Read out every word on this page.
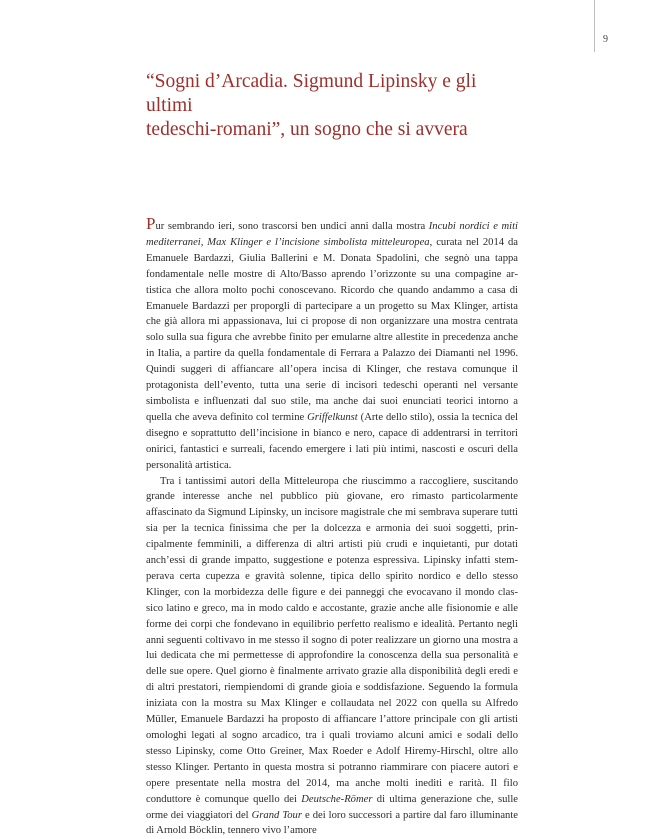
9
“Sogni d’Arcadia. Sigmund Lipinsky e gli ultimi
tedeschi-romani”, un sogno che si avvera

Pur sembrando ieri, sono trascorsi ben undici anni dalla mostra Incubi nordici e miti mediterranei, Max Klinger e l’incisione simbolista mitteleuropea, curata nel 2014 da Emanuele Bardazzi, Giulia Ballerini e M. Donata Spadolini, che segnò una tappa fondamentale nelle mostre di Alto/Basso aprendo l’orizzonte su una compagine artistica che allora molto pochi conoscevano. Ricordo che quando andammo a casa di Emanuele Bardazzi per proporgli di partecipare a un progetto su Max Klinger, artista che già allora mi appassionava, lui ci propose di non organizzare una mostra centrata solo sulla sua figura che avrebbe finito per emularne altre allestite in precedenza anche in Italia, a partire da quella fondamentale di Ferrara a Palazzo dei Diamanti nel 1996. Quindi suggerì di affiancare all’opera incisa di Klinger, che restava comunque il protagonista dell’evento, tutta una serie di incisori tedeschi operanti nel versante simbolista e influenzati dal suo stile, ma anche dai suoi enunciati teorici intorno a quella che aveva definito col termine Griffelkunst (Arte dello stilo), ossia la tecnica del disegno e soprattutto dell’incisione in bianco e nero, capace di addentrarsi in territori onirici, fantastici e surreali, facendo emergere i lati più intimi, nascosti e oscuri della personalità artistica.

Tra i tantissimi autori della Mitteleuropa che riuscimmo a raccogliere, suscitando grande interesse anche nel pubblico più giovane, ero rimasto particolarmente affascinato da Sigmund Lipinsky, un incisore magistrale che mi sembrava superare tutti sia per la tecnica finissima che per la dolcezza e armonia dei suoi soggetti, principalmente femminili, a differenza di altri artisti più crudi e inquietanti, pur dotati anch’essi di grande impatto, suggestione e potenza espressiva. Lipinsky infatti stemperava certa cupezza e gravità solenne, tipica dello spirito nordico e dello stesso Klinger, con la morbidezza delle figure e dei panneggi che evocavano il mondo classico latino e greco, ma in modo caldo e accostante, grazie anche alle fisionomie e alle forme dei corpi che fondevano in equilibrio perfetto realismo e idealità. Pertanto negli anni seguenti coltivavo in me stesso il sogno di poter realizzare un giorno una mostra a lui dedicata che mi permettesse di approfondire la conoscenza della sua personalità e delle sue opere. Quel giorno è finalmente arrivato grazie alla disponibilità degli eredi e di altri prestatori, riempiendomi di grande gioia e soddisfazione. Seguendo la formula iniziata con la mostra su Max Klinger e collaudata nel 2022 con quella su Alfredo Müller, Emanuele Bardazzi ha proposto di affiancare l’attore principale con gli artisti omologhi legati al sogno arcadico, tra i quali troviamo alcuni amici e sodali dello stesso Lipinsky, come Otto Greiner, Max Roeder e Adolf Hiremy-Hirschl, oltre allo stesso Klinger. Pertanto in questa mostra si potranno riammirare con piacere autori e opere presentate nella mostra del 2014, ma anche molti inediti e rarità. Il filo conduttore è comunque quello dei Deutsche-Römer di ultima generazione che, sulle orme dei viaggiatori del Grand Tour e dei loro successori a partire dal faro illuminante di Arnold Böcklin, tennero vivo l’amore
